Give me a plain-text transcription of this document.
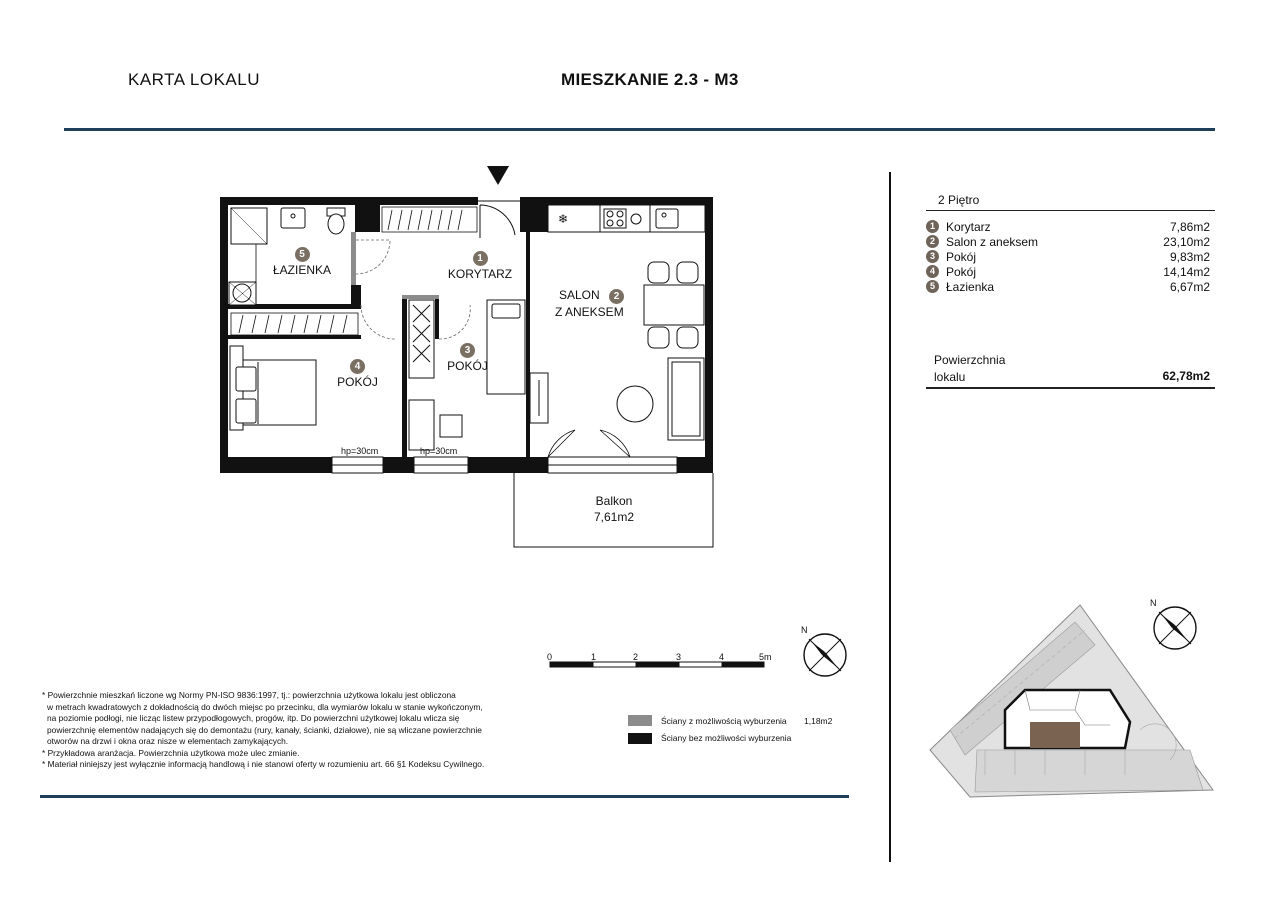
KARTA LOKALU	MIESZKANIE 2.3 - M3
❄
5
ŁAZIENKA
1
KORYTARZ
SALON 2
Z ANEKSEM
3
POKÓJ
4
POKÓJ
hp=30cm	hp=30cm
Balkon
7,61m2
0	1	2	3	4	5m
N

* Powierzchnie mieszkań liczone wg Normy PN-ISO 9836:1997, tj.: powierzchnia użytkowa lokalu jest obliczona

w metrach kwadratowych z dokładnością do dwóch miejsc po przecinku, dla wymiarów lokalu w stanie wykończonym,

na poziomie podłogi, nie licząc listew przypodłogowych, progów, itp. Do powierzchni użytkowej lokalu wlicza się

powierzchnię elementów nadających się do demontażu (rury, kanały, ścianki, działowe), nie są wliczane powierzchnie

otworów na drzwi i okna oraz nisze w elementach zamykających.

* Przykładowa aranżacja. Powierzchnia użytkowa może ulec zmianie.

* Materiał niniejszy jest wyłącznie informacją handlową i nie stanowi oferty w rozumieniu art. 66 §1 Kodeksu Cywilnego.

Ściany z możliwością wyburzenia 1,18m2
Ściany bez możliwości wyburzenia
2 Piętro
1 Korytarz	7,86m2
2 Salon z aneksem	23,10m2
3 Pokój	9,83m2
4 Pokój	14,14m2
5 Łazienka	6,67m2
Powierzchnia
lokalu	62,78m2
N
